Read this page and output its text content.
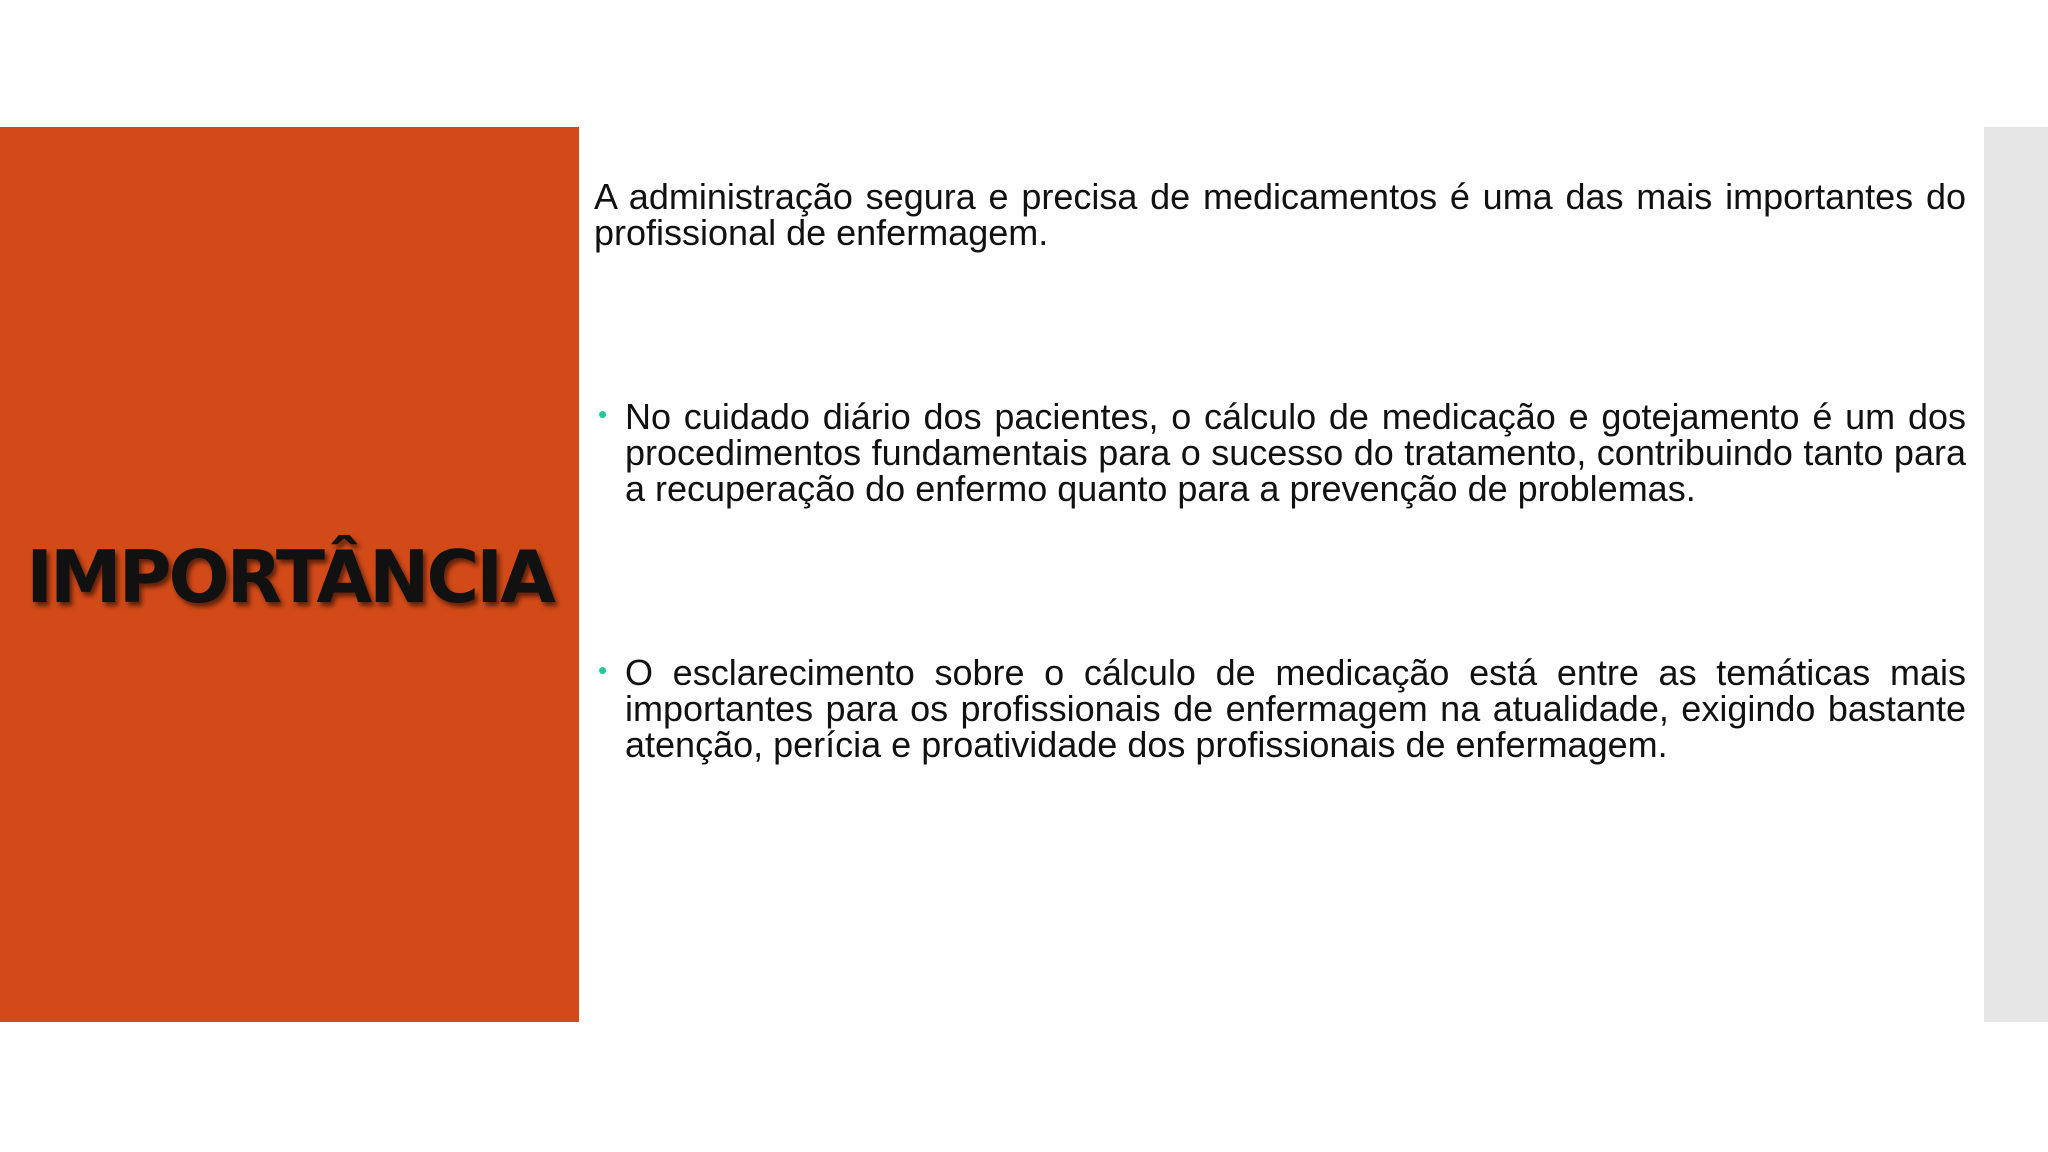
IMPORTÂNCIA

A administração segura e precisa de medicamentos é uma das mais importantes do profissional de enfermagem.

• No cuidado diário dos pacientes, o cálculo de medicação e gotejamento é um dos procedimentos fundamentais para o sucesso do tratamento, contribuindo tanto para a recuperação do enfermo quanto para a prevenção de problemas.
• O esclarecimento sobre o cálculo de medicação está entre as temáticas mais importantes para os profissionais de enfermagem na atualidade, exigindo bastante atenção, perícia e proatividade dos profissionais de enfermagem.
